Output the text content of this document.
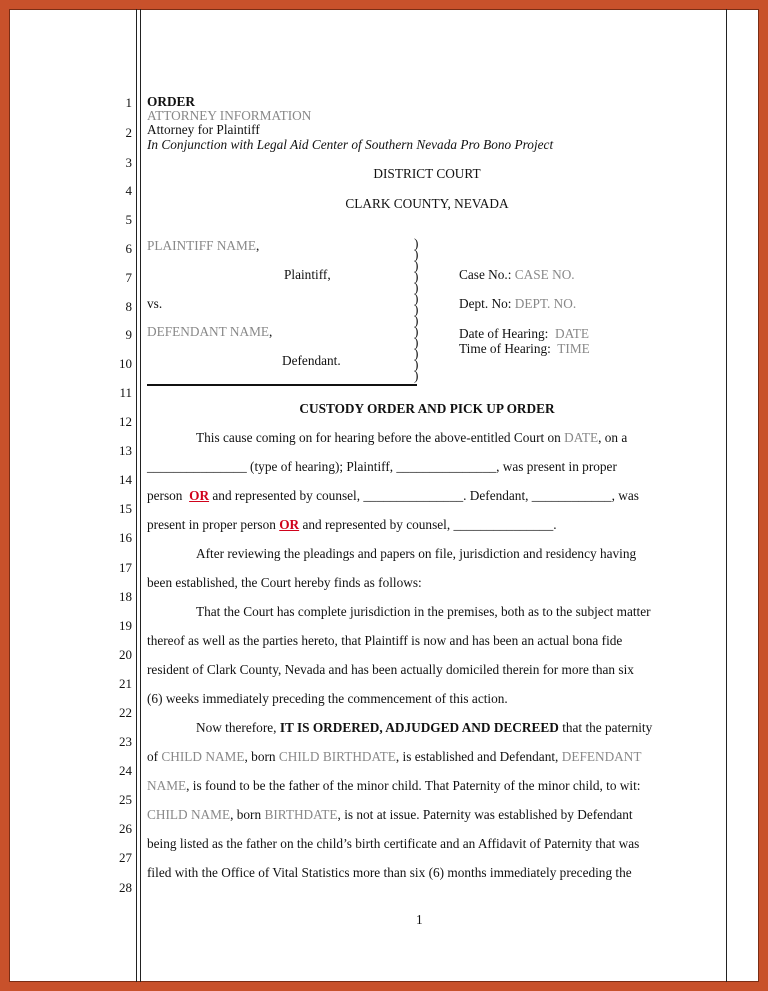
1
2
3
4
5
6
7
8
9
10
11
12
13
14
15
16
17
18
19
20
21
22
23
24
25
26
27
28
ORDER
ATTORNEY INFORMATION
Attorney for Plaintiff
In Conjunction with Legal Aid Center of Southern Nevada Pro Bono Project
DISTRICT COURT
CLARK COUNTY, NEVADA
PLAINTIFF NAME,
Plaintiff,
vs.
DEFENDANT NAME,
Defendant.
)
)
)
)
)
)
)
)
)
)
)
)
)
Case No.: CASE NO.
Dept. No: DEPT. NO.
Date of Hearing: DATE
Time of Hearing: TIME
CUSTODY ORDER AND PICK UP ORDER
This cause coming on for hearing before the above-entitled Court on DATE, on a
_______________ (type of hearing); Plaintiff, _______________, was present in proper
person OR and represented by counsel, _______________. Defendant, ____________, was
present in proper person OR and represented by counsel, _______________.
After reviewing the pleadings and papers on file, jurisdiction and residency having
been established, the Court hereby finds as follows:
That the Court has complete jurisdiction in the premises, both as to the subject matter
thereof as well as the parties hereto, that Plaintiff is now and has been an actual bona fide
resident of Clark County, Nevada and has been actually domiciled therein for more than six
(6) weeks immediately preceding the commencement of this action.
Now therefore, IT IS ORDERED, ADJUDGED AND DECREED that the paternity
of CHILD NAME, born CHILD BIRTHDATE, is established and Defendant, DEFENDANT
NAME, is found to be the father of the minor child. That Paternity of the minor child, to wit:
CHILD NAME, born BIRTHDATE, is not at issue. Paternity was established by Defendant
being listed as the father on the child’s birth certificate and an Affidavit of Paternity that was
filed with the Office of Vital Statistics more than six (6) months immediately preceding the
1
